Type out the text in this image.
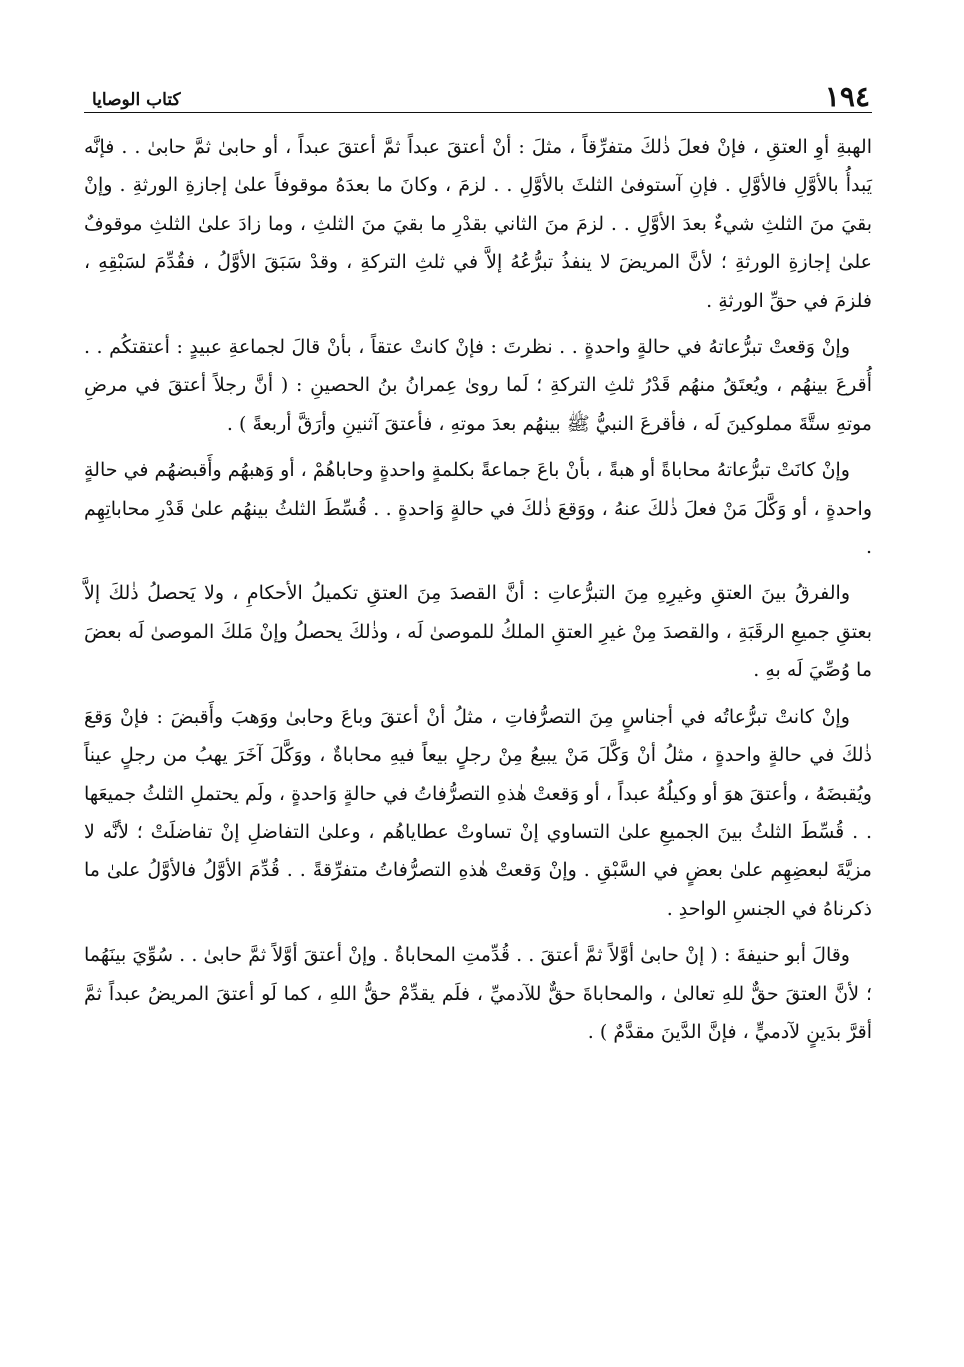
١٩٤
كتاب الوصايا

الهبةِ أوِ العتقِ ، فإنْ فعلَ ذٰلكَ متفرِّقاً ، مثلَ : أنْ أعتقَ عبداً ثمَّ أعتقَ عبداً ، أو حابىٰ ثمَّ حابىٰ . . فإنَّه يَبدأُ بالأوَّلِ فالأوَّلِ . فإنِ آستوفىٰ الثلثَ بالأوَّلِ . . لزمَ ، وكانَ ما بعدَهُ موقوفاً علىٰ إجازةِ الورثةِ . وإنْ بقيَ منَ الثلثِ شيءٌ بعدَ الأوَّلِ . . لزمَ منَ الثاني بقدْرِ ما بقيَ منَ الثلثِ ، وما زادَ علىٰ الثلثِ موقوفٌ علىٰ إجازةِ الورثةِ ؛ لأنَّ المريضَ لا ينفذُ تبرُّعُهُ إلاَّ في ثلثِ التركةِ ، وقدْ سَبَقَ الأوَّلُ ، فقُدِّمَ لسَبْقِهِ ، فلزمَ في حقِّ الورثةِ .

وإنْ وَقعتْ تبرُّعاتهُ في حالةٍ واحدةٍ . . نظرتَ : فإنْ كانتْ عتقاً ، بأنْ قالَ لجماعةِ عبيدٍ : أعتقتكُم . . أُقرعَ بينهُم ، ويُعتَقُ منهُم قَدْرُ ثلثِ التركةِ ؛ لَما روىٰ عِمرانُ بنُ الحصينِ : ( أنَّ رجلاً أعتقَ في مرضِ موتهِ ستَّةَ مملوكينَ لَه ، فأقرعَ النبيُّ ﷺ بينهُم بعدَ موتهِ ، فأعتقَ آثنينِ وأرَقَّ أربعةً ) .

وإنْ كانَتْ تبرُّعاتهُ محاباةً أو هبةً ، بأنْ باعَ جماعةً بكلمةٍ واحدةٍ وحاباهُمْ ، أو وَهبهُم وأَقبضهُم في حالةٍ واحدةٍ ، أو وَكَّلَ مَنْ فعلَ ذٰلكَ عنهُ ، ووَقعَ ذٰلكَ في حالةٍ وَاحدةٍ . . قُسِّطَ الثلثُ بينهُم علىٰ قَدْرِ محاباتِهِم .

والفرقُ بينَ العتقِ وغيرِهِ مِنَ التبرُّعاتِ : أنَّ القصدَ مِنَ العتقِ تكميلُ الأحكامِ ، ولا يَحصلُ ذٰلكَ إلاَّ بعتقِ جميعِ الرقَبَةِ ، والقصدَ مِنْ غيرِ العتقِ الملكُ للموصىٰ لَه ، وذٰلكَ يحصلُ وإنْ مَلكَ الموصىٰ لَه بعضَ ما وُصِّيَ لَه بهِ .

وإنْ كانتْ تبرُّعاتُه في أجناسٍ مِنَ التصرُّفاتِ ، مثلُ أنْ أعتقَ وباعَ وحابىٰ ووَهبَ وأَقبضَ : فإنْ وَقعَ ذٰلكَ في حالةٍ واحدةٍ ، مثلُ أنْ وَكَّلَ مَنْ يبيعُ مِنْ رجلٍ بيعاً فيهِ محاباةٌ ، ووَكَّلَ آخَرَ يهبُ من رجلٍ عيناً ويُقبضَهُ ، وأعتقَ هوَ أو وكيلُهُ عبداً ، أو وَقعتْ هٰذهِ التصرُّفاتُ في حالةٍ وَاحدةٍ ، ولَم يحتملِ الثلثُ جميعَها . . قُسِّطَ الثلثُ بينَ الجميعِ علىٰ التساوي إنْ تساوتْ عطاياهُم ، وعلىٰ التفاضلِ إنْ تفاضلَتْ ؛ لأنَّه لا مزيَّةَ لبعضِهِم علىٰ بعضٍ في السَّبْقِ . وإنْ وَقعتْ هٰذهِ التصرُّفاتُ متفرِّقةً . . قُدِّمَ الأوَّلُ فالأوَّلُ علىٰ ما ذكرناهُ في الجنسِ الواحدِ .

وقالَ أبو حنيفةَ : ( إنْ حابىٰ أوَّلاً ثمَّ أعتقَ . . قُدِّمتِ المحاباةُ . وإنْ أعتقَ أوَّلاً ثمَّ حابىٰ . . سُوِّيَ بينَهُما ؛ لأنَّ العتقَ حقٌّ للهِ تعالىٰ ، والمحاباةَ حقٌّ للآدميِّ ، فلَم يقدِّمْ حقُّ اللهِ ، كما لَو أعتقَ المريضُ عبداً ثمَّ أقرَّ بدَينٍ لآدميٍّ ، فإنَّ الدَّينَ مقدَّمٌ ) .
